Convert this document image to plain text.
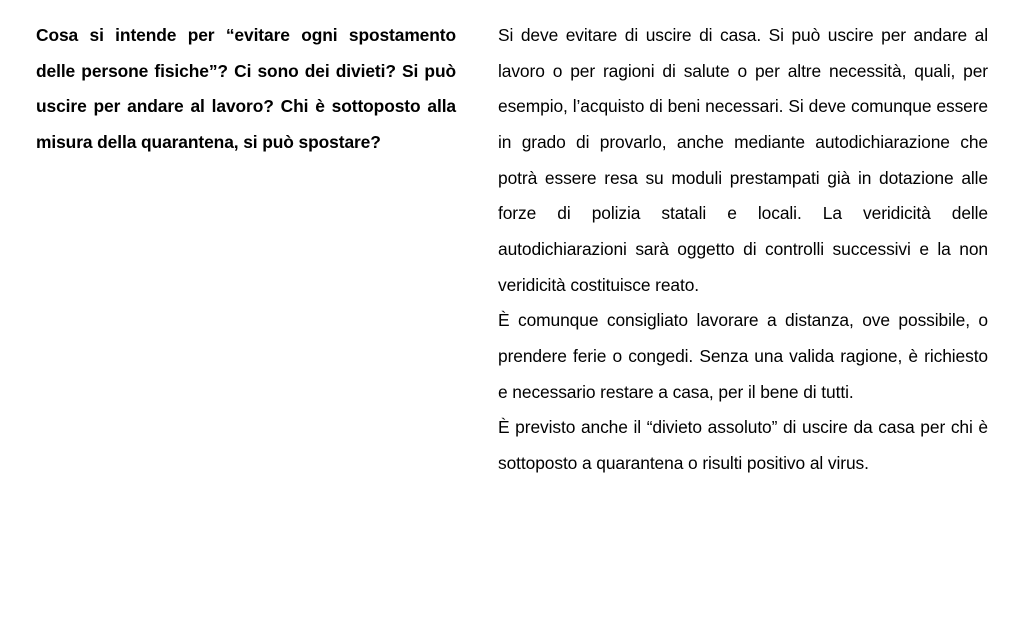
Cosa si intende per “evitare ogni spostamento delle persone fisiche”? Ci sono dei divieti? Si può uscire per andare al lavoro? Chi è sottoposto alla misura della quarantena, si può spostare?

Si deve evitare di uscire di casa. Si può uscire per andare al lavoro o per ragioni di salute o per altre necessità, quali, per esempio, l’acquisto di beni necessari. Si deve comunque essere in grado di provarlo, anche mediante autodichiarazione che potrà essere resa su moduli prestampati già in dotazione alle forze di polizia statali e locali. La veridicità delle autodichiarazioni sarà oggetto di controlli successivi e la non veridicità costituisce reato.

È comunque consigliato lavorare a distanza, ove possibile, o prendere ferie o congedi. Senza una valida ragione, è richiesto e necessario restare a casa, per il bene di tutti.

È previsto anche il “divieto assoluto” di uscire da casa per chi è sottoposto a quarantena o risulti positivo al virus.
